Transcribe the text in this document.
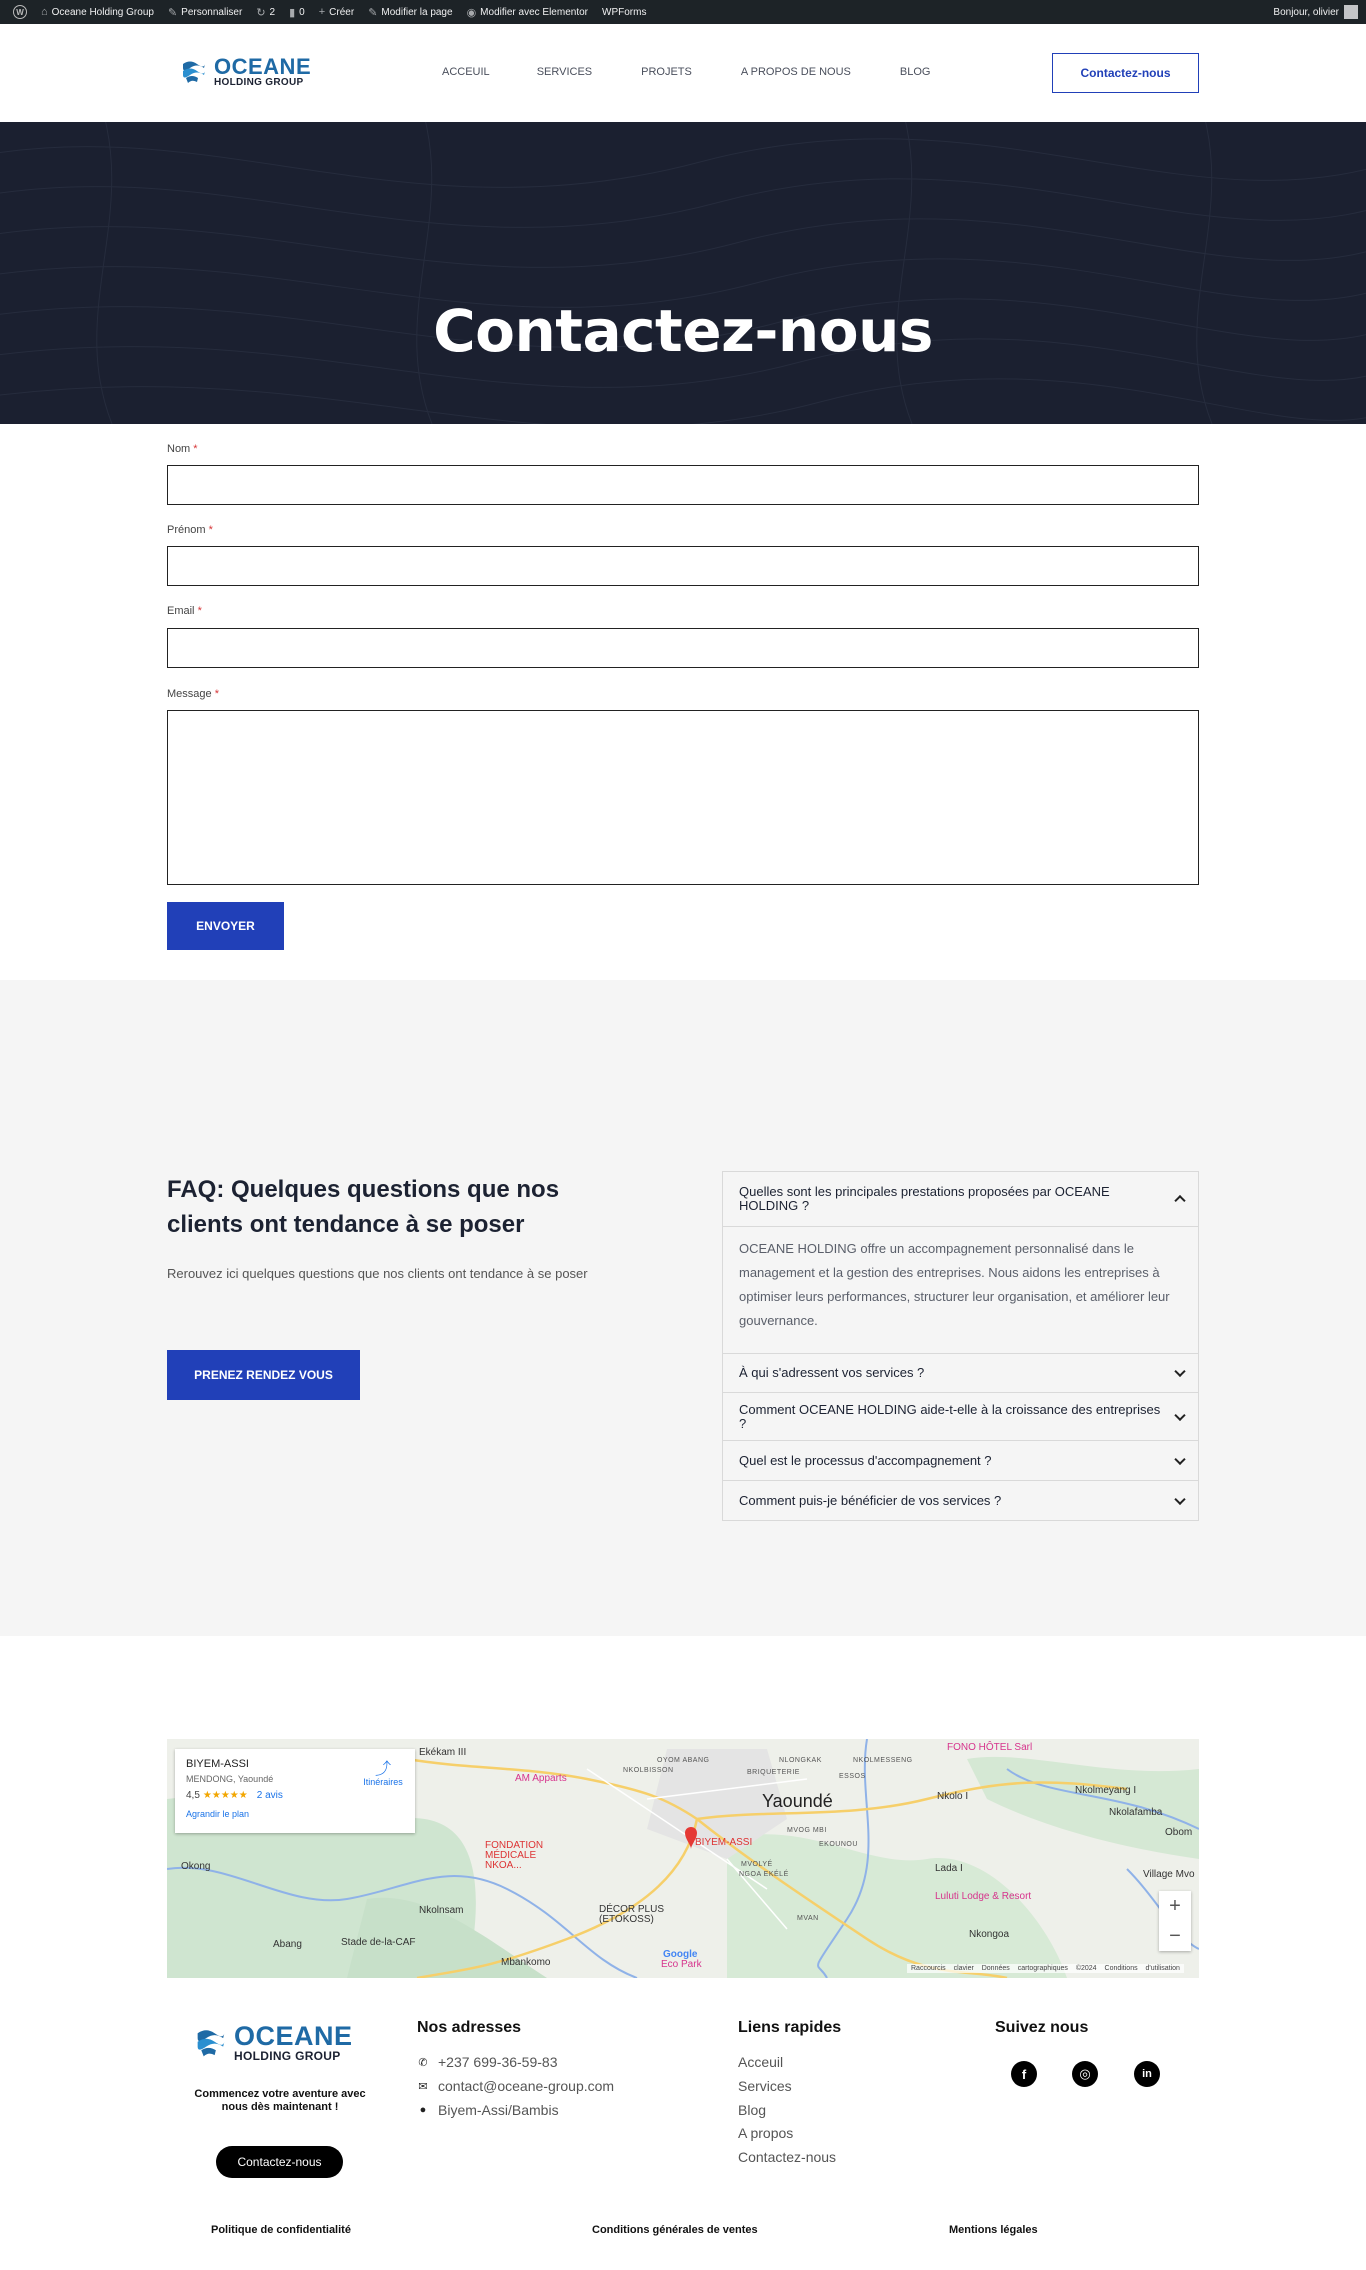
W ⌂ Oceane Holding Group ✎ Personnaliser ↻ 2 ▮ 0 + Créer ✎ Modifier la page ◉ Modifier avec Elementor WPForms	Bonjour, olivier
OCEANE
HOLDING GROUP
ACCEUIL	SERVICES	PROJETS	A PROPOS DE NOUS	BLOG	Contactez-nous
Contactez-nous
Nom *
Prénom *
Email *
Message *
ENVOYER
FAQ: Quelques questions que nos clients ont tendance à se poser

Rerouvez ici quelques questions que nos clients ont tendance à se poser

PRENEZ RENDEZ VOUS
Quelles sont les principales prestations proposées par OCEANE HOLDING ?
OCEANE HOLDING offre un accompagnement personnalisé dans le management et la gestion des entreprises. Nous aidons les entreprises à optimiser leurs performances, structurer leur organisation, et améliorer leur gouvernance.
À qui s'adressent vos services ?
Comment OCEANE HOLDING aide-t-elle à la croissance des entreprises ?
Quel est le processus d'accompagnement ?
Comment puis-je bénéficier de vos services ?
BIYEM-ASSI
MENDONG, Yaoundé
4,5 ★★★★★ 2 avis
Agrandir le plan
⤴
Itinéraires
Ekékam III
AM Apparts
FONDATION MÉDICALE NKOA...
Okong
Nkolnsam	DÉCOR PLUS (ETOKOSS)
Abang	Stade de-la-CAF
Mbankomo
Yaoundé
BIYEM-ASSI
FONO HÔTEL Sarl
Nkolo I
Nkolmeyang I
Nkolafamba
Obom
Lada I
Luluti Lodge & Resort
Nkongoa
Village Mvo
Eco Park
Google
OYOM ABANG
NKOLBISSON
NLONGKAK	NKOLMESSENG
BRIQUETERIE
ESSOS
MVOG MBI
EKOUNOU
MVOLYÉ
NGOA EKÉLÉ
MVAN
+
−
Raccourcis clavier Données cartographiques ©2024 Conditions d'utilisation
OCEANE
HOLDING GROUP
Commencez votre aventure avec nous dès maintenant !
Contactez-nous
Nos adresses
✆ +237 699-36-59-83
✉ contact@oceane-group.com
● Biyem-Assi/Bambis
Liens rapides
Acceuil
Services
Blog
A propos
Contactez-nous
Suivez nous
f	◎	in
Politique de confidentialité	Conditions générales de ventes	Mentions légales
